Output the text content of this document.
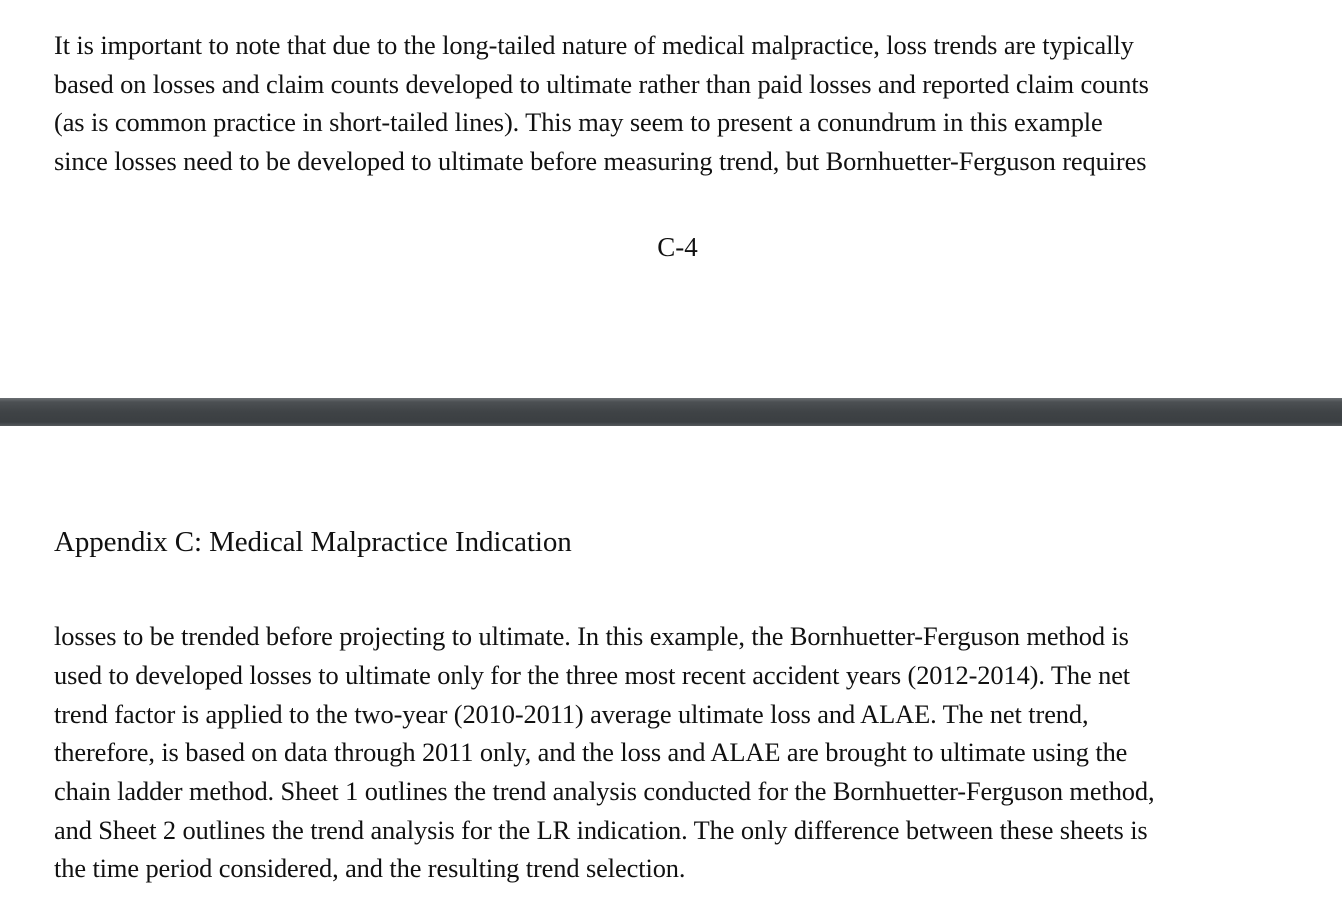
It is important to note that due to the long-tailed nature of medical malpractice, loss trends are typically
based on losses and claim counts developed to ultimate rather than paid losses and reported claim counts
(as is common practice in short-tailed lines). This may seem to present a conundrum in this example
since losses need to be developed to ultimate before measuring trend, but Bornhuetter-Ferguson requires
C-4
Appendix C: Medical Malpractice Indication
losses to be trended before projecting to ultimate. In this example, the Bornhuetter-Ferguson method is
used to developed losses to ultimate only for the three most recent accident years (2012-2014). The net
trend factor is applied to the two-year (2010-2011) average ultimate loss and ALAE. The net trend,
therefore, is based on data through 2011 only, and the loss and ALAE are brought to ultimate using the
chain ladder method. Sheet 1 outlines the trend analysis conducted for the Bornhuetter-Ferguson method,
and Sheet 2 outlines the trend analysis for the LR indication. The only difference between these sheets is
the time period considered, and the resulting trend selection.
